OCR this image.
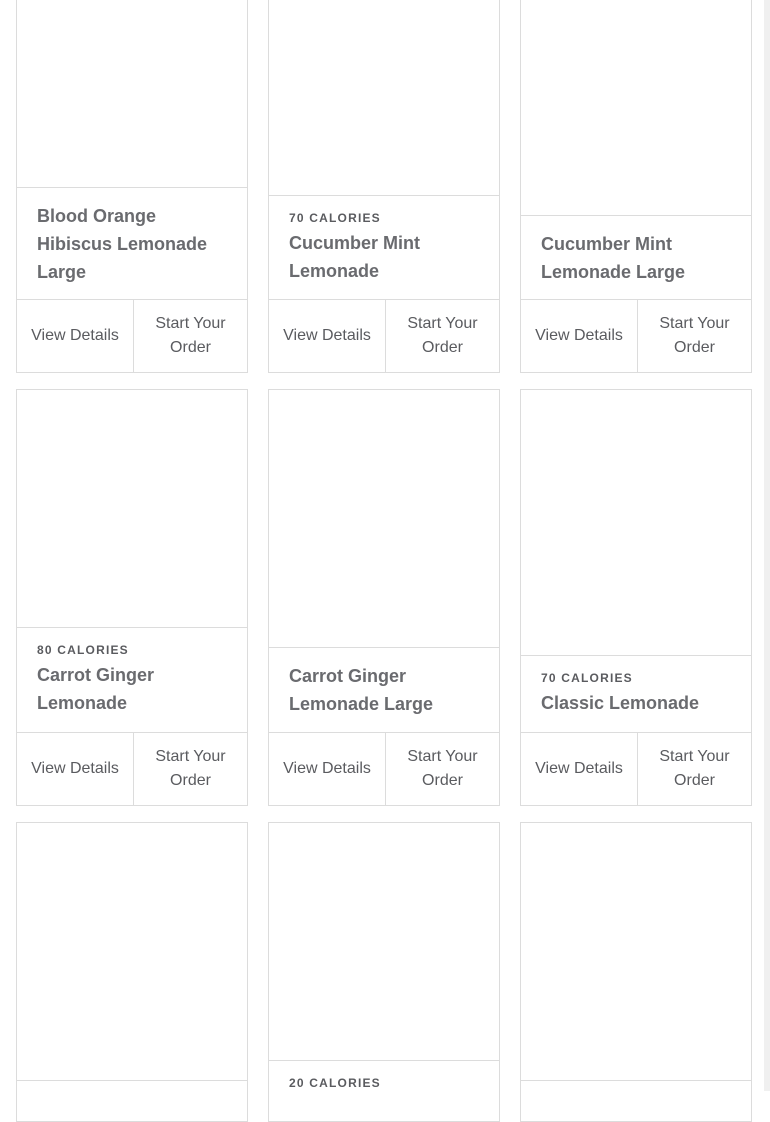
Blood Orange Hibiscus Lemonade Large
View Details
Start Your Order
70 CALORIES
Cucumber Mint Lemonade
View Details
Start Your Order
Cucumber Mint Lemonade Large
View Details
Start Your Order
80 CALORIES
Carrot Ginger Lemonade
View Details
Start Your Order
Carrot Ginger Lemonade Large
View Details
Start Your Order
70 CALORIES
Classic Lemonade
View Details
Start Your Order
20 CALORIES
